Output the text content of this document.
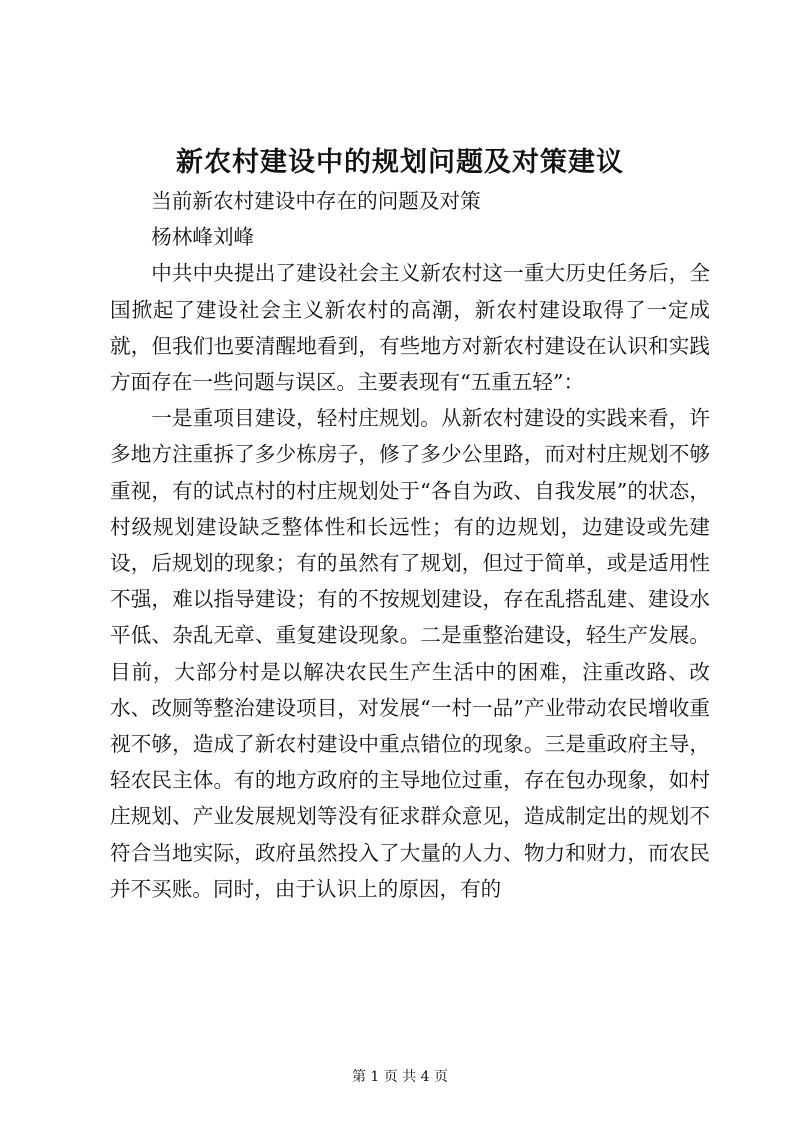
新农村建设中的规划问题及对策建议

当前新农村建设中存在的问题及对策

杨林峰刘峰

中共中央提出了建设社会主义新农村这一重大历史任务后，全国掀起了建设社会主义新农村的高潮，新农村建设取得了一定成就，但我们也要清醒地看到，有些地方对新农村建设在认识和实践方面存在一些问题与误区。主要表现有“五重五轻”：

一是重项目建设，轻村庄规划。从新农村建设的实践来看，许多地方注重拆了多少栋房子，修了多少公里路，而对村庄规划不够重视，有的试点村的村庄规划处于“各自为政、自我发展”的状态，村级规划建设缺乏整体性和长远性；有的边规划，边建设或先建设，后规划的现象；有的虽然有了规划，但过于简单，或是适用性不强，难以指导建设；有的不按规划建设，存在乱搭乱建、建设水平低、杂乱无章、重复建设现象。二是重整治建设，轻生产发展。目前，大部分村是以解决农民生产生活中的困难，注重改路、改水、改厕等整治建设项目，对发展“一村一品”产业带动农民增收重视不够，造成了新农村建设中重点错位的现象。三是重政府主导，轻农民主体。有的地方政府的主导地位过重，存在包办现象，如村庄规划、产业发展规划等没有征求群众意见，造成制定出的规划不符合当地实际，政府虽然投入了大量的人力、物力和财力，而农民并不买账。同时，由于认识上的原因，有的

第 1 页 共 4 页
